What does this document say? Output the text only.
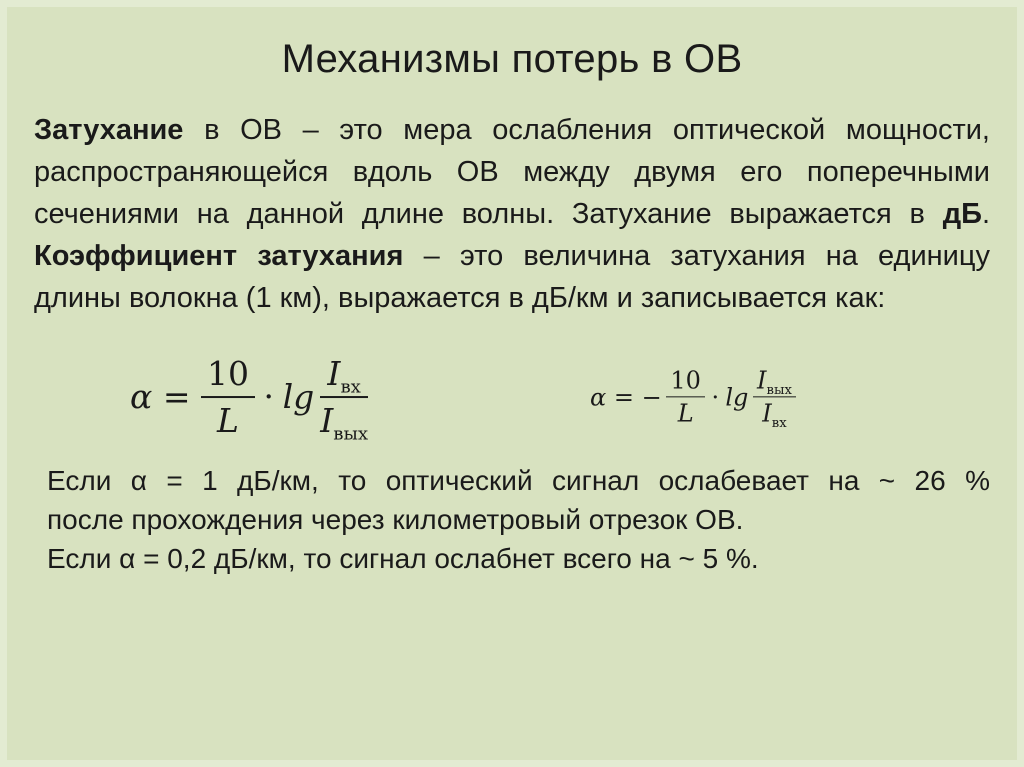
Механизмы потерь в ОВ
Затухание в ОВ – это мера ослабления оптической мощности,
распространяющейся вдоль ОВ между двумя его поперечными
сечениями на данной длине волны. Затухание выражается в дБ.
Коэффициент затухания – это величина затухания на единицу
длины волокна (1 км), выражается в дБ/км и записывается как:
$\alpha = \frac{10}{L} \cdot \lg \frac{I_{вх}}{I_{вых}}$	α = − $\frac{10}{L} \cdot \lg \frac{I_{вых}}{I_{вх}}$
Если α = 1 дБ/км, то оптический сигнал ослабевает на ~ 26 %
после прохождения через километровый отрезок ОВ.
Если α = 0,2 дБ/км, то сигнал ослабнет всего на ~ 5 %.
